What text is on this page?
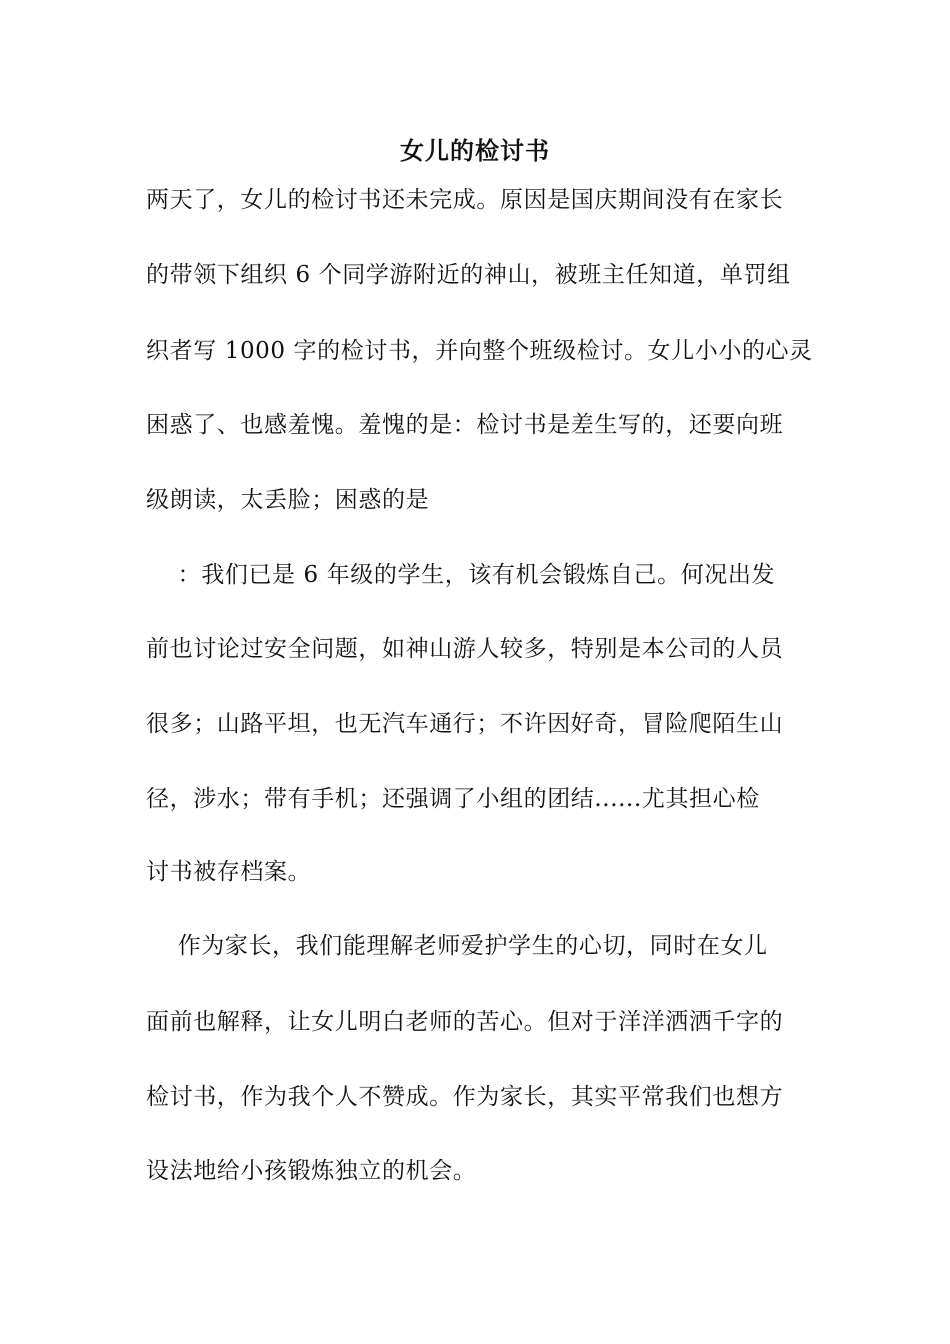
女儿的检讨书
两天了，女儿的检讨书还未完成。原因是国庆期间没有在家长
的带领下组织 6 个同学游附近的神山，被班主任知道，单罚组
织者写 1000 字的检讨书，并向整个班级检讨。女儿小小的心灵
困惑了、也感羞愧。羞愧的是：检讨书是差生写的，还要向班
级朗读，太丢脸；困惑的是
：我们已是 6 年级的学生，该有机会锻炼自己。何况出发
前也讨论过安全问题，如神山游人较多，特别是本公司的人员
很多；山路平坦，也无汽车通行；不许因好奇，冒险爬陌生山
径，涉水；带有手机；还强调了小组的团结......尤其担心检
讨书被存档案。
作为家长，我们能理解老师爱护学生的心切，同时在女儿
面前也解释，让女儿明白老师的苦心。但对于洋洋洒洒千字的
检讨书，作为我个人不赞成。作为家长，其实平常我们也想方
设法地给小孩锻炼独立的机会。
